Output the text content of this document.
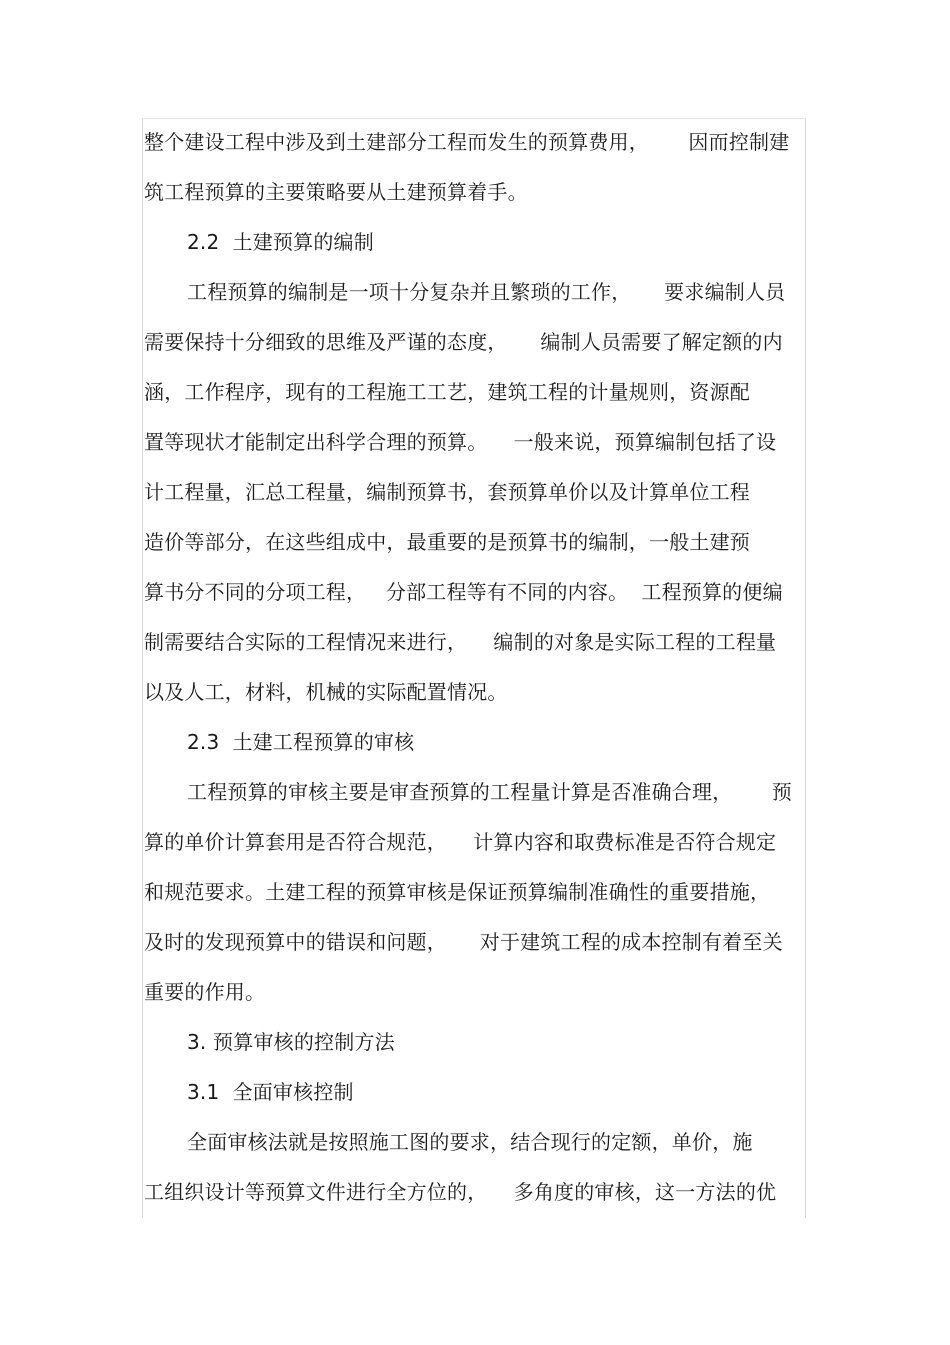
整个建设工程中涉及到土建部分工程而发生的预算费用，      因而控制建
筑工程预算的主要策略要从土建预算着手。
2.2  土建预算的编制
工程预算的编制是一项十分复杂并且繁琐的工作，     要求编制人员
需要保持十分细致的思维及严谨的态度，     编制人员需要了解定额的内
涵，工作程序，现有的工程施工工艺，建筑工程的计量规则，资源配
置等现状才能制定出科学合理的预算。    一般来说，预算编制包括了设
计工程量，汇总工程量，编制预算书，套预算单价以及计算单位工程
造价等部分，在这些组成中，最重要的是预算书的编制，一般土建预
算书分不同的分项工程，   分部工程等有不同的内容。  工程预算的便编
制需要结合实际的工程情况来进行，    编制的对象是实际工程的工程量
以及人工，材料，机械的实际配置情况。
2.3  土建工程预算的审核
工程预算的审核主要是审查预算的工程量计算是否准确合理，      预
算的单价计算套用是否符合规范，    计算内容和取费标准是否符合规定
和规范要求。土建工程的预算审核是保证预算编制准确性的重要措施，
及时的发现预算中的错误和问题，     对于建筑工程的成本控制有着至关
重要的作用。
3. 预算审核的控制方法
3.1  全面审核控制
全面审核法就是按照施工图的要求，结合现行的定额，单价，施
工组织设计等预算文件进行全方位的，    多角度的审核，这一方法的优
